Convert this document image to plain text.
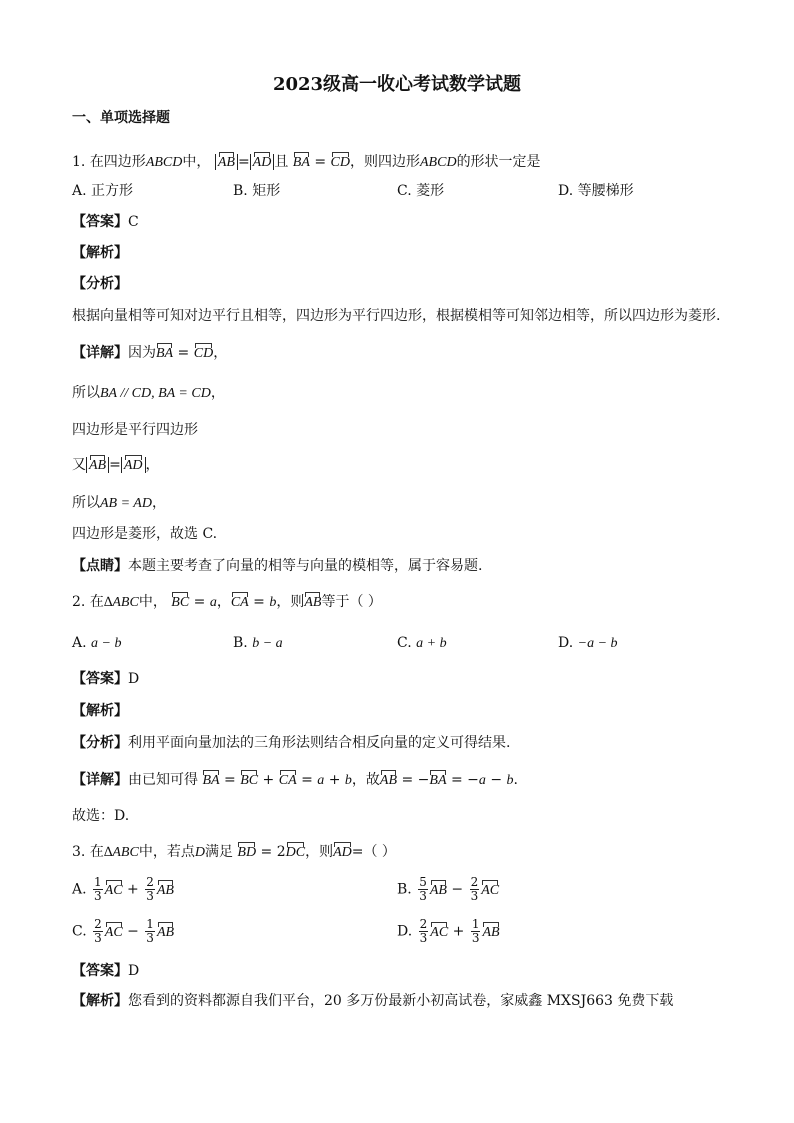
2023级高一收心考试数学试题
一、单项选择题
1. 在四边形ABCD中， AB = AD 且 BA = CD，则四边形ABCD的形状一定是
A. 正方形	B. 矩形	C. 菱形	D. 等腰梯形
【答案】C
【解析】
【分析】
根据向量相等可知对边平行且相等，四边形为平行四边形，根据模相等可知邻边相等，所以四边形为菱形.
【详解】因为BA = CD，
所以BA // CD, BA = CD，
四边形是平行四边形
又 AB = AD ，
所以AB = AD，
四边形是菱形，故选 C.
【点睛】本题主要考查了向量的相等与向量的模相等，属于容易题.
2. 在∆ABC中， BC = a，CA = b，则AB等于（ ）
A. a − b	B. b − a	C. a + b	D. −a − b
【答案】D
【解析】
【分析】利用平面向量加法的三角形法则结合相反向量的定义可得结果.
【详解】由已知可得 BA = BC + CA = a + b，故AB = −BA = −a − b.
故选：D.
3. 在∆ABC中，若点D满足 BD = 2DC，则AD=（ ）
A. $\frac{1}{3}$ AC + $\frac{2}{3}$ AB	B. $\frac{5}{3}$ AB − $\frac{2}{3}$ AC
C. $\frac{2}{3}$ AC − $\frac{1}{3}$ AB	D. $\frac{2}{3}$ AC + $\frac{1}{3}$ AB
【答案】D
【解析】您看到的资料都源自我们平台，20 多万份最新小初高试卷，家威鑫 MXSJ663 免费下载
